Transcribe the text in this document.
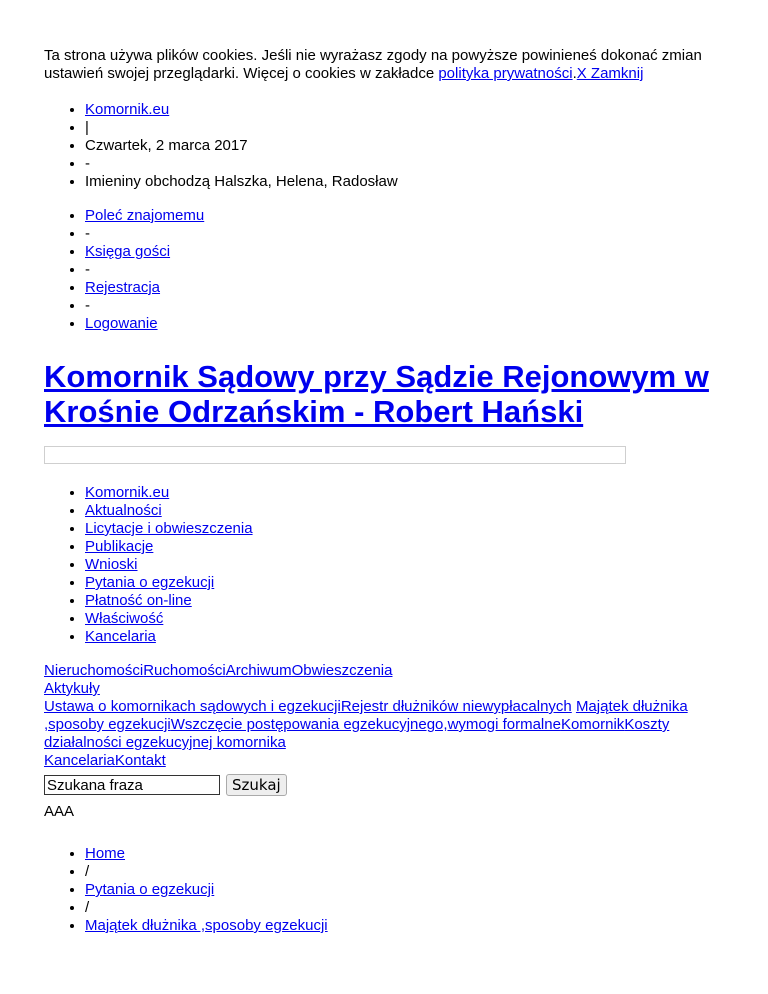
Ta strona używa plików cookies. Jeśli nie wyrażasz zgody na powyższe powinieneś dokonać zmian ustawień swojej przeglądarki. Więcej o cookies w zakładce polityka prywatności.X Zamknij

• Komornik.eu
• |
• Czwartek, 2 marca 2017
• -
• Imieniny obchodzą Halszka, Helena, Radosław
• Poleć znajomemu
• -
• Księga gości
• -
• Rejestracja
• -
• Logowanie
Komornik Sądowy przy Sądzie Rejonowym w Krośnie Odrzańskim - Robert Hański
• Komornik.eu
• Aktualności
• Licytacje i obwieszczenia
• Publikacje
• Wnioski
• Pytania o egzekucji
• Płatność on-line
• Właściwość
• Kancelaria
NieruchomościRuchomościArchiwumObwieszczenia
Aktykuły
Ustawa o komornikach sądowych i egzekucjiRejestr dłużników niewypłacalnych Majątek dłużnika ,sposoby egzekucjiWszczęcie postępowania egzekucyjnego,wymogi formalneKomornikKoszty działalności egzekucyjnej komornika
KancelariaKontakt
Szukana fraza
Szukaj
AAA
• Home
• /
• Pytania o egzekucji
• /
• Majątek dłużnika ,sposoby egzekucji
